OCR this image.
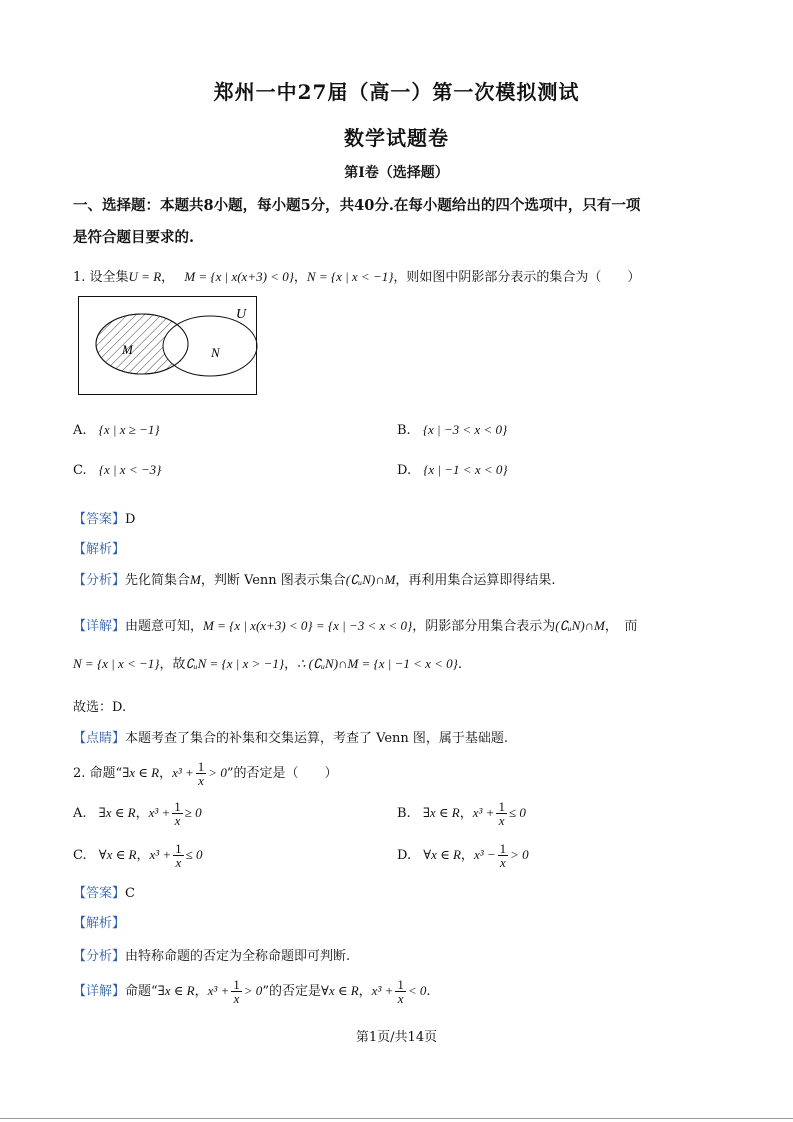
郑州一中27届（高一）第一次模拟测试
数学试题卷
第I卷（选择题）
一、选择题：本题共8小题，每小题5分，共40分.在每小题给出的四个选项中，只有一项
是符合题目要求的.
1. 设全集U = R， M = {x | x(x+3) < 0}，N = {x | x < −1}，则如图中阴影部分表示的集合为（　　）
U
M	N
A. {x | x ≥ −1}	B. {x | −3 < x < 0}
C. {x | x < −3}	D. {x | −1 < x < 0}
【答案】D
【解析】
【分析】先化简集合M，判断 Venn 图表示集合(∁ᵤN)∩M，再利用集合运算即得结果.
【详解】由题意可知，M = {x | x(x+3) < 0} = {x | −3 < x < 0}，阴影部分用集合表示为(∁ᵤN)∩M，　而
N = {x | x < −1}，故∁ᵤN = {x | x > −1}，∴ (∁ᵤN)∩M = {x | −1 < x < 0}.
故选：D.
【点睛】本题考查了集合的补集和交集运算，考查了 Venn 图，属于基础题.
2. 命题“∃x ∈ R，$x^3 + \frac{1}{x} > 0$”的否定是（　　）
A. ∃x ∈ R，$x^3 + \frac{1}{x} \ge 0$	B. ∃x ∈ R，$x^3 + \frac{1}{x} \le 0$
C. ∀x ∈ R，$x^3 + \frac{1}{x} \le 0$	D. ∀x ∈ R，$x^3 - \frac{1}{x} > 0$
【答案】C
【解析】
【分析】由特称命题的否定为全称命题即可判断.
【详解】命题“∃x ∈ R，$x^3 + \frac{1}{x} > 0$”的否定是∀x ∈ R，$x^3 + \frac{1}{x} < 0$.
第1页/共14页
